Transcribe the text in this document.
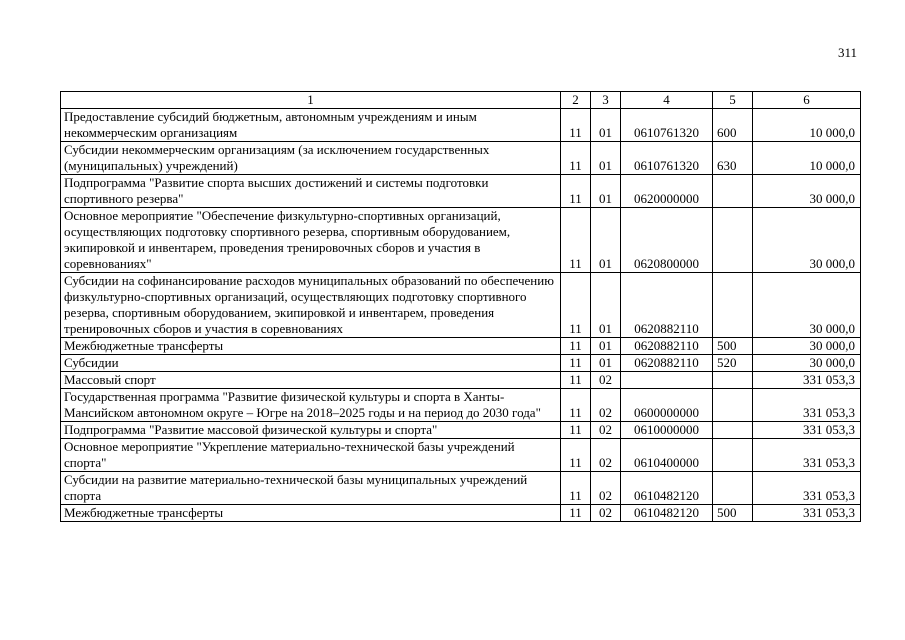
311
1	2	3	4	5	6
Предоставление субсидий бюджетным, автономным учреждениям и иным некоммерческим организациям	11	01	0610761320	600	10 000,0
Субсидии некоммерческим организациям (за исключением государственных (муниципальных) учреждений)	11	01	0610761320	630	10 000,0
Подпрограмма "Развитие спорта высших достижений и системы подготовки спортивного резерва"	11	01	0620000000		30 000,0
Основное мероприятие "Обеспечение физкультурно-спортивных организаций, осуществляющих подготовку спортивного резерва, спортивным оборудованием, экипировкой и инвентарем, проведения тренировочных сборов и участия в соревнованиях"	11	01	0620800000		30 000,0
Субсидии на софинансирование расходов муниципальных образований по обеспечению физкультурно-спортивных организаций, осуществляющих подготовку спортивного резерва, спортивным оборудованием, экипировкой и инвентарем, проведения тренировочных сборов и участия в соревнованиях	11	01	0620882110		30 000,0
Межбюджетные трансферты	11	01	0620882110	500	30 000,0
Субсидии	11	01	0620882110	520	30 000,0
Массовый спорт	11	02			331 053,3
Государственная программа "Развитие физической культуры и спорта в Ханты-Мансийском автономном округе – Югре на 2018–2025 годы и на период до 2030 года"	11	02	0600000000		331 053,3
Подпрограмма "Развитие массовой физической культуры и спорта"	11	02	0610000000		331 053,3
Основное мероприятие "Укрепление материально-технической базы учреждений спорта"	11	02	0610400000		331 053,3
Субсидии на развитие материально-технической базы муниципальных учреждений спорта	11	02	0610482120		331 053,3
Межбюджетные трансферты	11	02	0610482120	500	331 053,3
